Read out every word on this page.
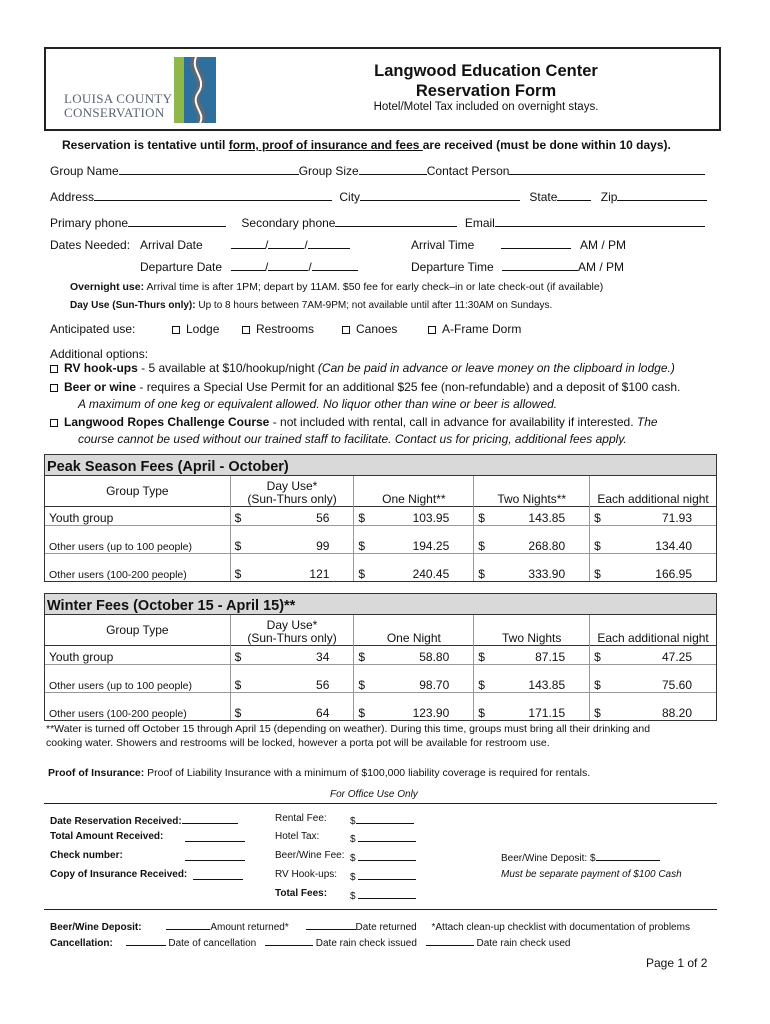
LOUISA COUNTY
CONSERVATION
Langwood Education Center
Reservation Form
Hotel/Motel Tax included on overnight stays.
Reservation is tentative until form, proof of insurance and fees are received (must be done within 10 days).
Group Name	Group Size	Contact Person
Address	City	State	Zip
Primary phone	Secondary phone	Email
Dates Needed: Arrival Date	/	/	Arrival Time	AM / PM
Departure Date	/	/	Departure Time	AM / PM
Overnight use: Arrival time is after 1PM; depart by 11AM. $50 fee for early check–in or late check-out (if available)
Day Use (Sun-Thurs only): Up to 8 hours between 7AM-9PM; not available until after 11:30AM on Sundays.
Anticipated use:	Lodge	Restrooms	Canoes	A-Frame Dorm
Additional options:
RV hook-ups - 5 available at $10/hookup/night (Can be paid in advance or leave money on the clipboard in lodge.)
Beer or wine - requires a Special Use Permit for an additional $25 fee (non-refundable) and a deposit of $100 cash.
A maximum of one keg or equivalent allowed. No liquor other than wine or beer is allowed.
Langwood Ropes Challenge Course - not included with rental, call in advance for availability if interested. The
course cannot be used without our trained staff to facilitate. Contact us for pricing, additional fees apply.
Peak Season Fees (April - October)				
Group Type	Day Use*
(Sun-Thurs only)	One Night**	Two Nights**	Each additional night
Youth group	$ 56	$ 103.95	$ 143.85	$ 71.93

Other users (up to 100 people)	$ 99	$ 194.25	$ 268.80	$ 134.40

Other users (100-200 people)	$ 121	$ 240.45	$ 333.90	$ 166.95
Winter Fees (October 15 - April 15)**				
Group Type	Day Use*
(Sun-Thurs only)	One Night	Two Nights	Each additional night
Youth group	$ 34	$ 58.80	$ 87.15	$ 47.25

Other users (up to 100 people)	$ 56	$ 98.70	$ 143.85	$ 75.60

Other users (100-200 people)	$ 64	$ 123.90	$ 171.15	$ 88.20
**Water is turned off October 15 through April 15 (depending on weather). During this time, groups must bring all their drinking and
cooking water. Showers and restrooms will be locked, however a porta pot will be available for restroom use.
Proof of Insurance: Proof of Liability Insurance with a minimum of $100,000 liability coverage is required for rentals.
For Office Use Only
Date Reservation Received:
Total Amount Received:
Check number:
Copy of Insurance Received:
Rental Fee: $
Hotel Tax:	$
Beer/Wine Fee: $
RV Hook-ups: $
Total Fees: $
Beer/Wine Deposit: $
Must be separate payment of $100 Cash
Beer/Wine Deposit:	Amount returned*	Date returned *Attach clean-up checklist with documentation of problems
Cancellation:	Date of cancellation	Date rain check issued	Date rain check used
Page 1 of 2
